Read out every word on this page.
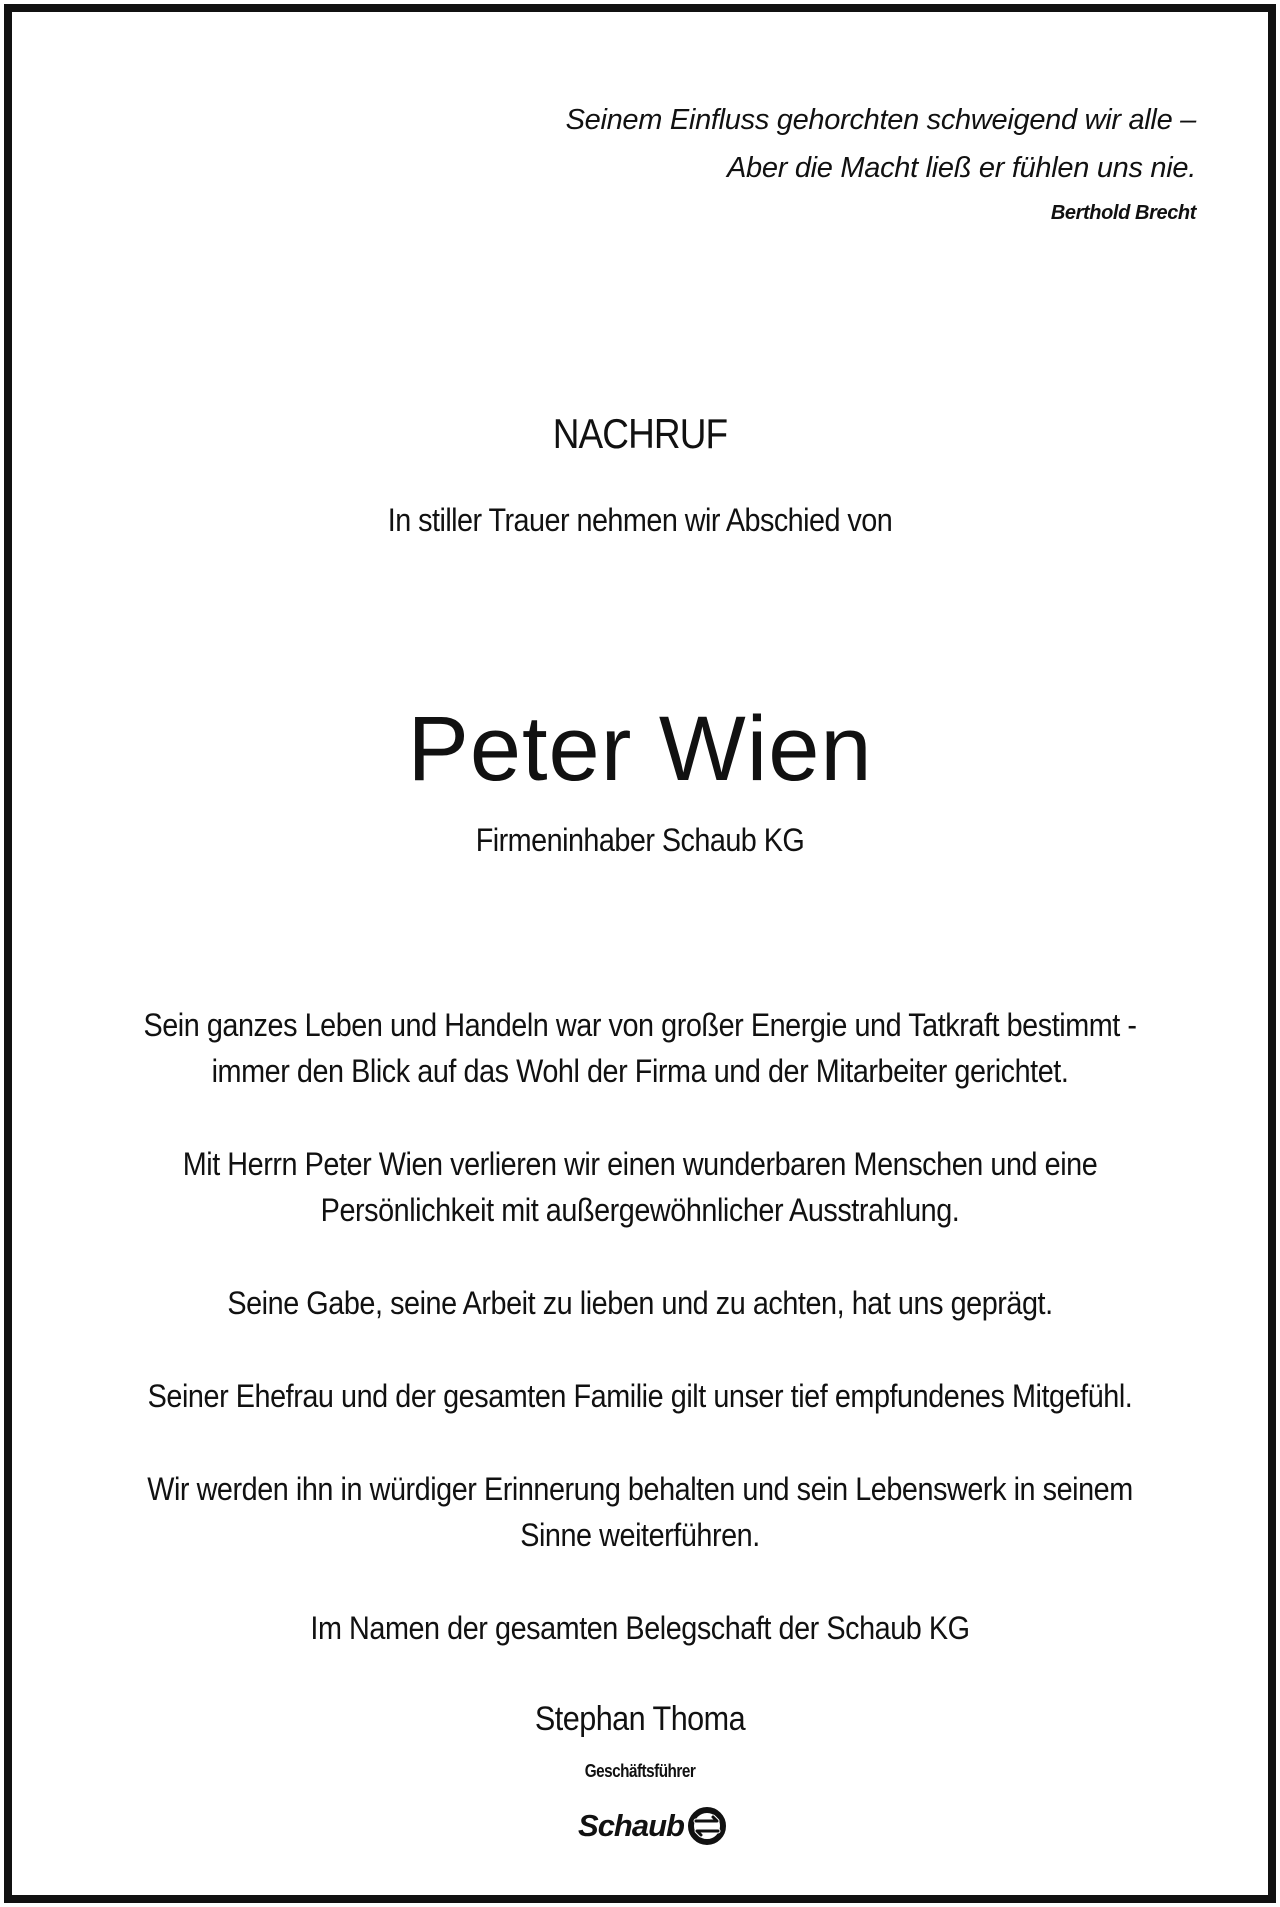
Seinem Einfluss gehorchten schweigend wir alle –
Aber die Macht ließ er fühlen uns nie.
Berthold Brecht
NACHRUF
In stiller Trauer nehmen wir Abschied von
Peter Wien
Firmeninhaber Schaub KG

Sein ganzes Leben und Handeln war von großer Energie und Tatkraft bestimmt -

immer den Blick auf das Wohl der Firma und der Mitarbeiter gerichtet.

Mit Herrn Peter Wien verlieren wir einen wunderbaren Menschen und eine

Persönlichkeit mit außergewöhnlicher Ausstrahlung.

Seine Gabe, seine Arbeit zu lieben und zu achten, hat uns geprägt.

Seiner Ehefrau und der gesamten Familie gilt unser tief empfundenes Mitgefühl.

Wir werden ihn in würdiger Erinnerung behalten und sein Lebenswerk in seinem

Sinne weiterführen.

Im Namen der gesamten Belegschaft der Schaub KG

Stephan Thoma
Geschäftsführer
Schaub
